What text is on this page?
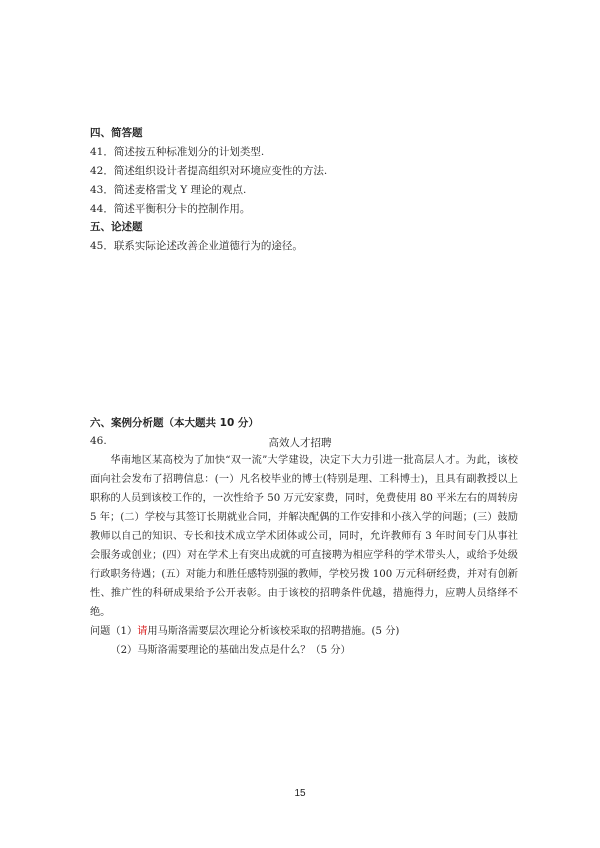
四、简答题
41．简述按五种标准划分的计划类型.
42．简述组织设计者提高组织对环境应变性的方法.
43．简述麦格雷戈 Y 理论的观点.
44．简述平衡积分卡的控制作用。
五、论述题
45．联系实际论述改善企业道德行为的途径。
六、案例分析题（本大题共 10 分）
46.	高效人才招聘

华南地区某高校为了加快“双一流”大学建设，决定下大力引进一批高层人才。为此，该校面向社会发布了招聘信息：(一）凡名校毕业的博士(特别是理、工科博士)，且具有副教授以上职称的人员到该校工作的，一次性给予 50 万元安家费，同时，免费使用 80 平米左右的周转房 5 年；(二）学校与其签订长期就业合同，并解决配偶的工作安排和小孩入学的问题；(三）鼓励教师以自己的知识、专长和技术成立学术团体或公司，同时，允许教师有 3 年时间专门从事社会服务或创业；(四）对在学术上有突出成就的可直接聘为相应学科的学术带头人，或给予处级行政职务待遇；(五）对能力和胜任感特别强的教师，学校另拨 100 万元科研经费，并对有创新性、推广性的科研成果给予公开表彰。由于该校的招聘条件优越，措施得力，应聘人员络绎不绝。

问题（1）请用马斯洛需要层次理论分析该校采取的招聘措施。(5 分)

（2）马斯洛需要理论的基础出发点是什么？（5 分）

15
